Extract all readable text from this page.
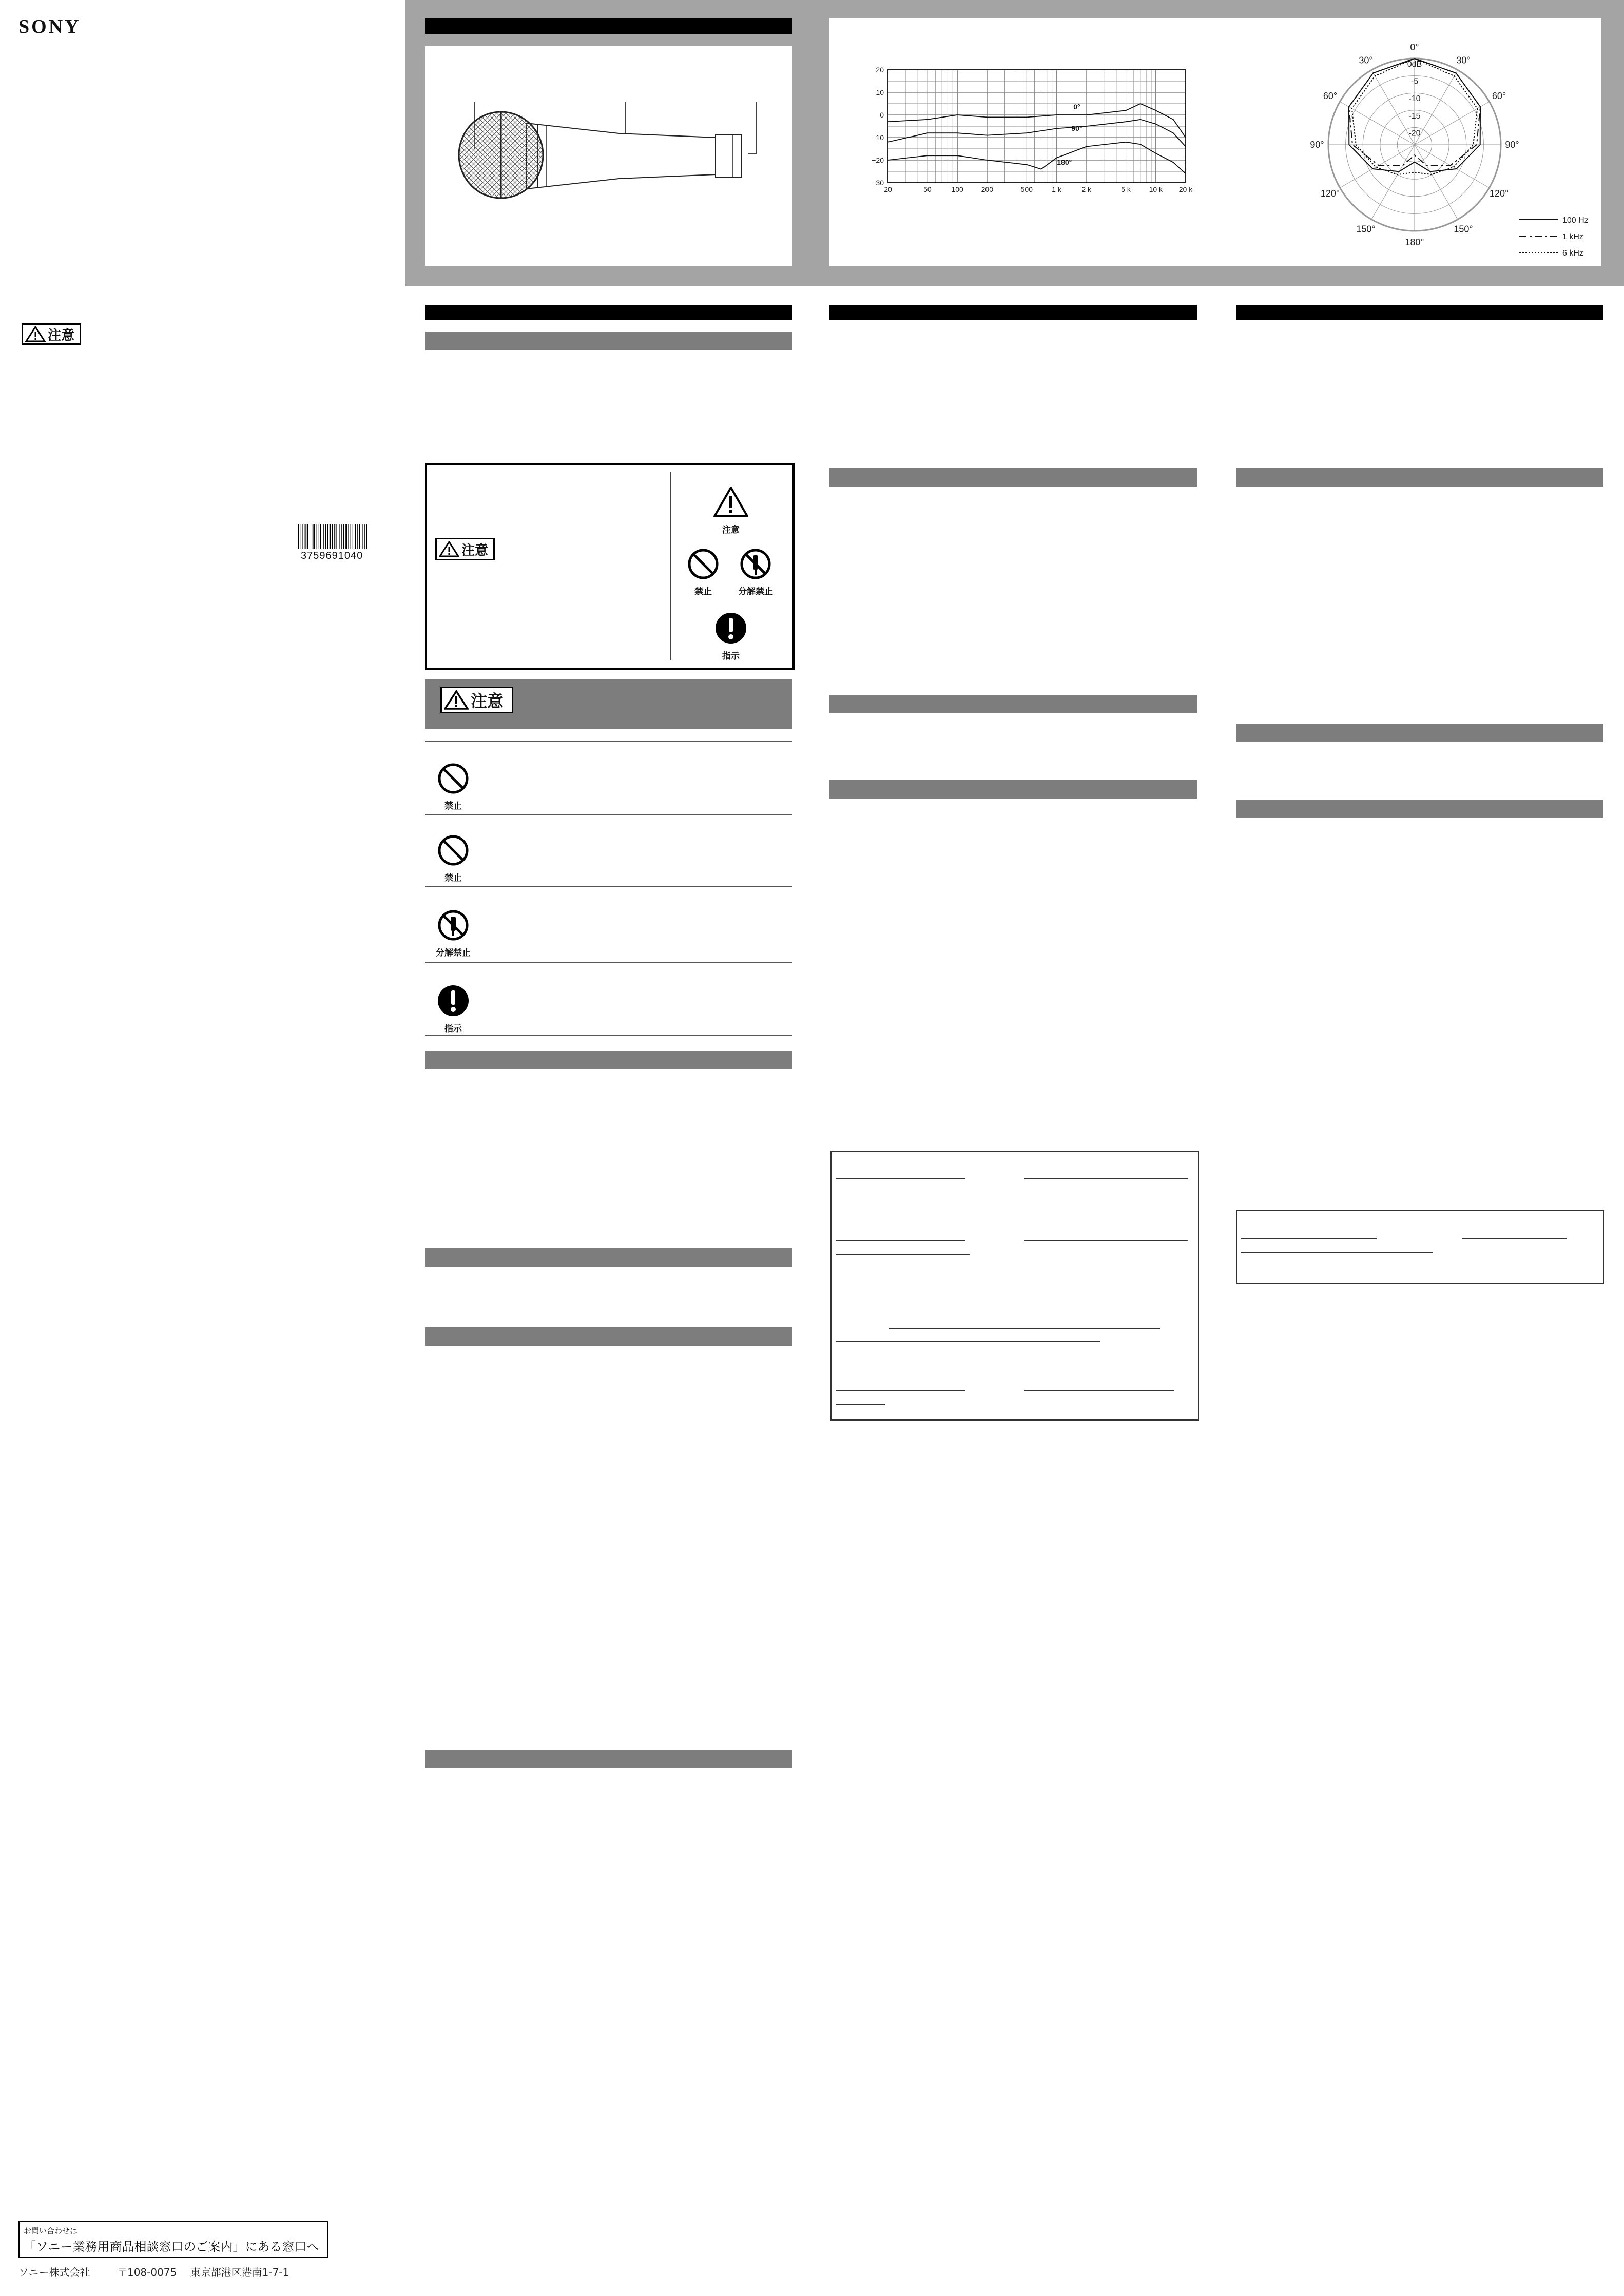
SONY
注意
3759691040
お問い合わせは
「ソニー業務用商品相談窓口のご案内」にある窓口へ
ソニー株式会社	〒108-0075 東京都港区港南1-7-1
20	50	100 200	500	1 k	2 k	5 k	10 k 20 k
20
10
0
−10
−20
−30
0°
90°
180°
0dB
-5
-10
-15
-20
0°
30°	30°
60°	60°
90°	90°
120°	120°
150°	150°
180°
100 Hz
1 kHz
6 kHz
注意
注意
禁止	分解禁止
指示
注意
禁止
禁止
分解禁止
指示
